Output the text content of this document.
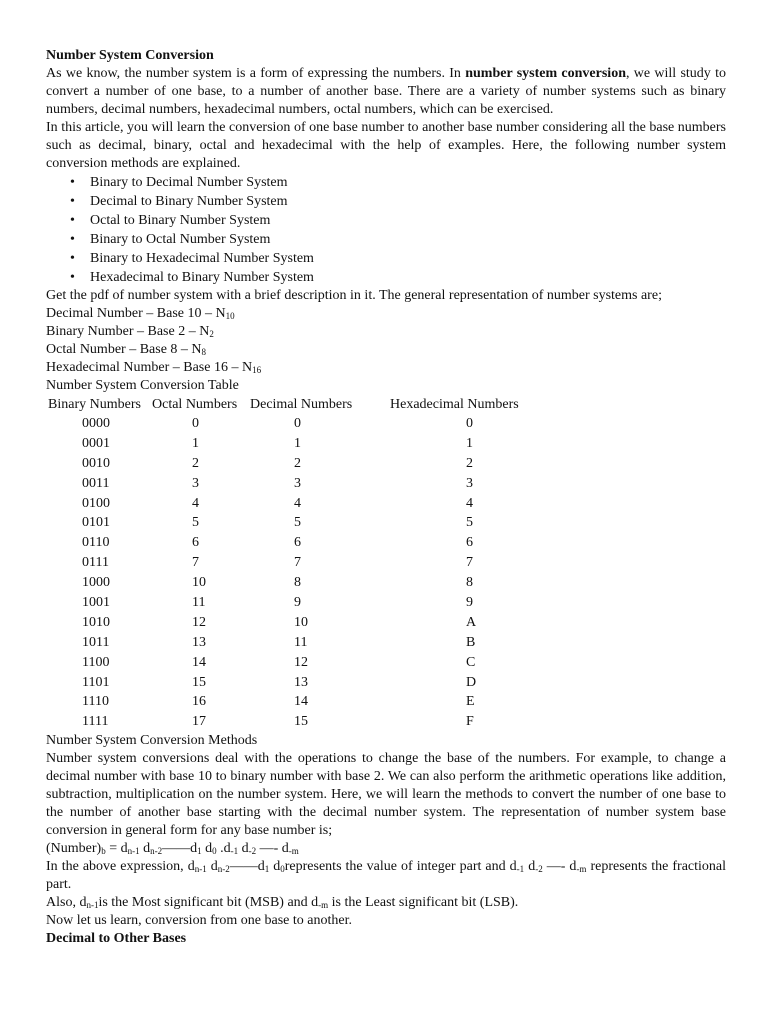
Number System Conversion

As we know, the number system is a form of expressing the numbers. In number system conversion, we will study to convert a number of one base, to a number of another base. There are a variety of number systems such as binary numbers, decimal numbers, hexadecimal numbers, octal numbers, which can be exercised.

In this article, you will learn the conversion of one base number to another base number considering all the base numbers such as decimal, binary, octal and hexadecimal with the help of examples. Here, the following number system conversion methods are explained.

• Binary to Decimal Number System
• Decimal to Binary Number System
• Octal to Binary Number System
• Binary to Octal Number System
• Binary to Hexadecimal Number System
• Hexadecimal to Binary Number System

Get the pdf of number system with a brief description in it. The general representation of number systems are;

Decimal Number – Base $10 - N_{10}$

Binary Number – Base $2 - N_2$

Octal Number – Base $8 - N_8$

Hexadecimal Number – Base $16 - N_{16}$

Number System Conversion Table

Binary Numbers	Octal Numbers	Decimal Numbers	Hexadecimal Numbers
0000	0	0	0
0001	1	1	1
0010	2	2	2
0011	3	3	3
0100	4	4	4
0101	5	5	5
0110	6	6	6
0111	7	7	7
1000	10	8	8
1001	11	9	9
1010	12	10	A
1011	13	11	B
1100	14	12	C
1101	15	13	D
1110	16	14	E
1111	17	15	F

Number System Conversion Methods

Number system conversions deal with the operations to change the base of the numbers. For example, to change a decimal number with base 10 to binary number with base 2. We can also perform the arithmetic operations like addition, subtraction, multiplication on the number system. Here, we will learn the methods to convert the number of one base to the number of another base starting with the decimal number system. The representation of number system base conversion in general form for any base number is;

$(Number)_b = d_{n-1}$ $d_{n-2}——d_1$ $d_0$ $.d_{-1}$ $d_{-2}$ —- $d_{-m}$

In the above expression, $d_{n-1}$ $d_{n-2}——d_1$ $d_0represents$ the value of integer part and $d_{-1}$ $d_{-2}$ —- $d_{-m}$ represents the fractional part.

Also, $d_{n-1}is$ the Most significant bit (MSB) and $d_{-m}$ is the Least significant bit (LSB).

Now let us learn, conversion from one base to another.

Decimal to Other Bases
